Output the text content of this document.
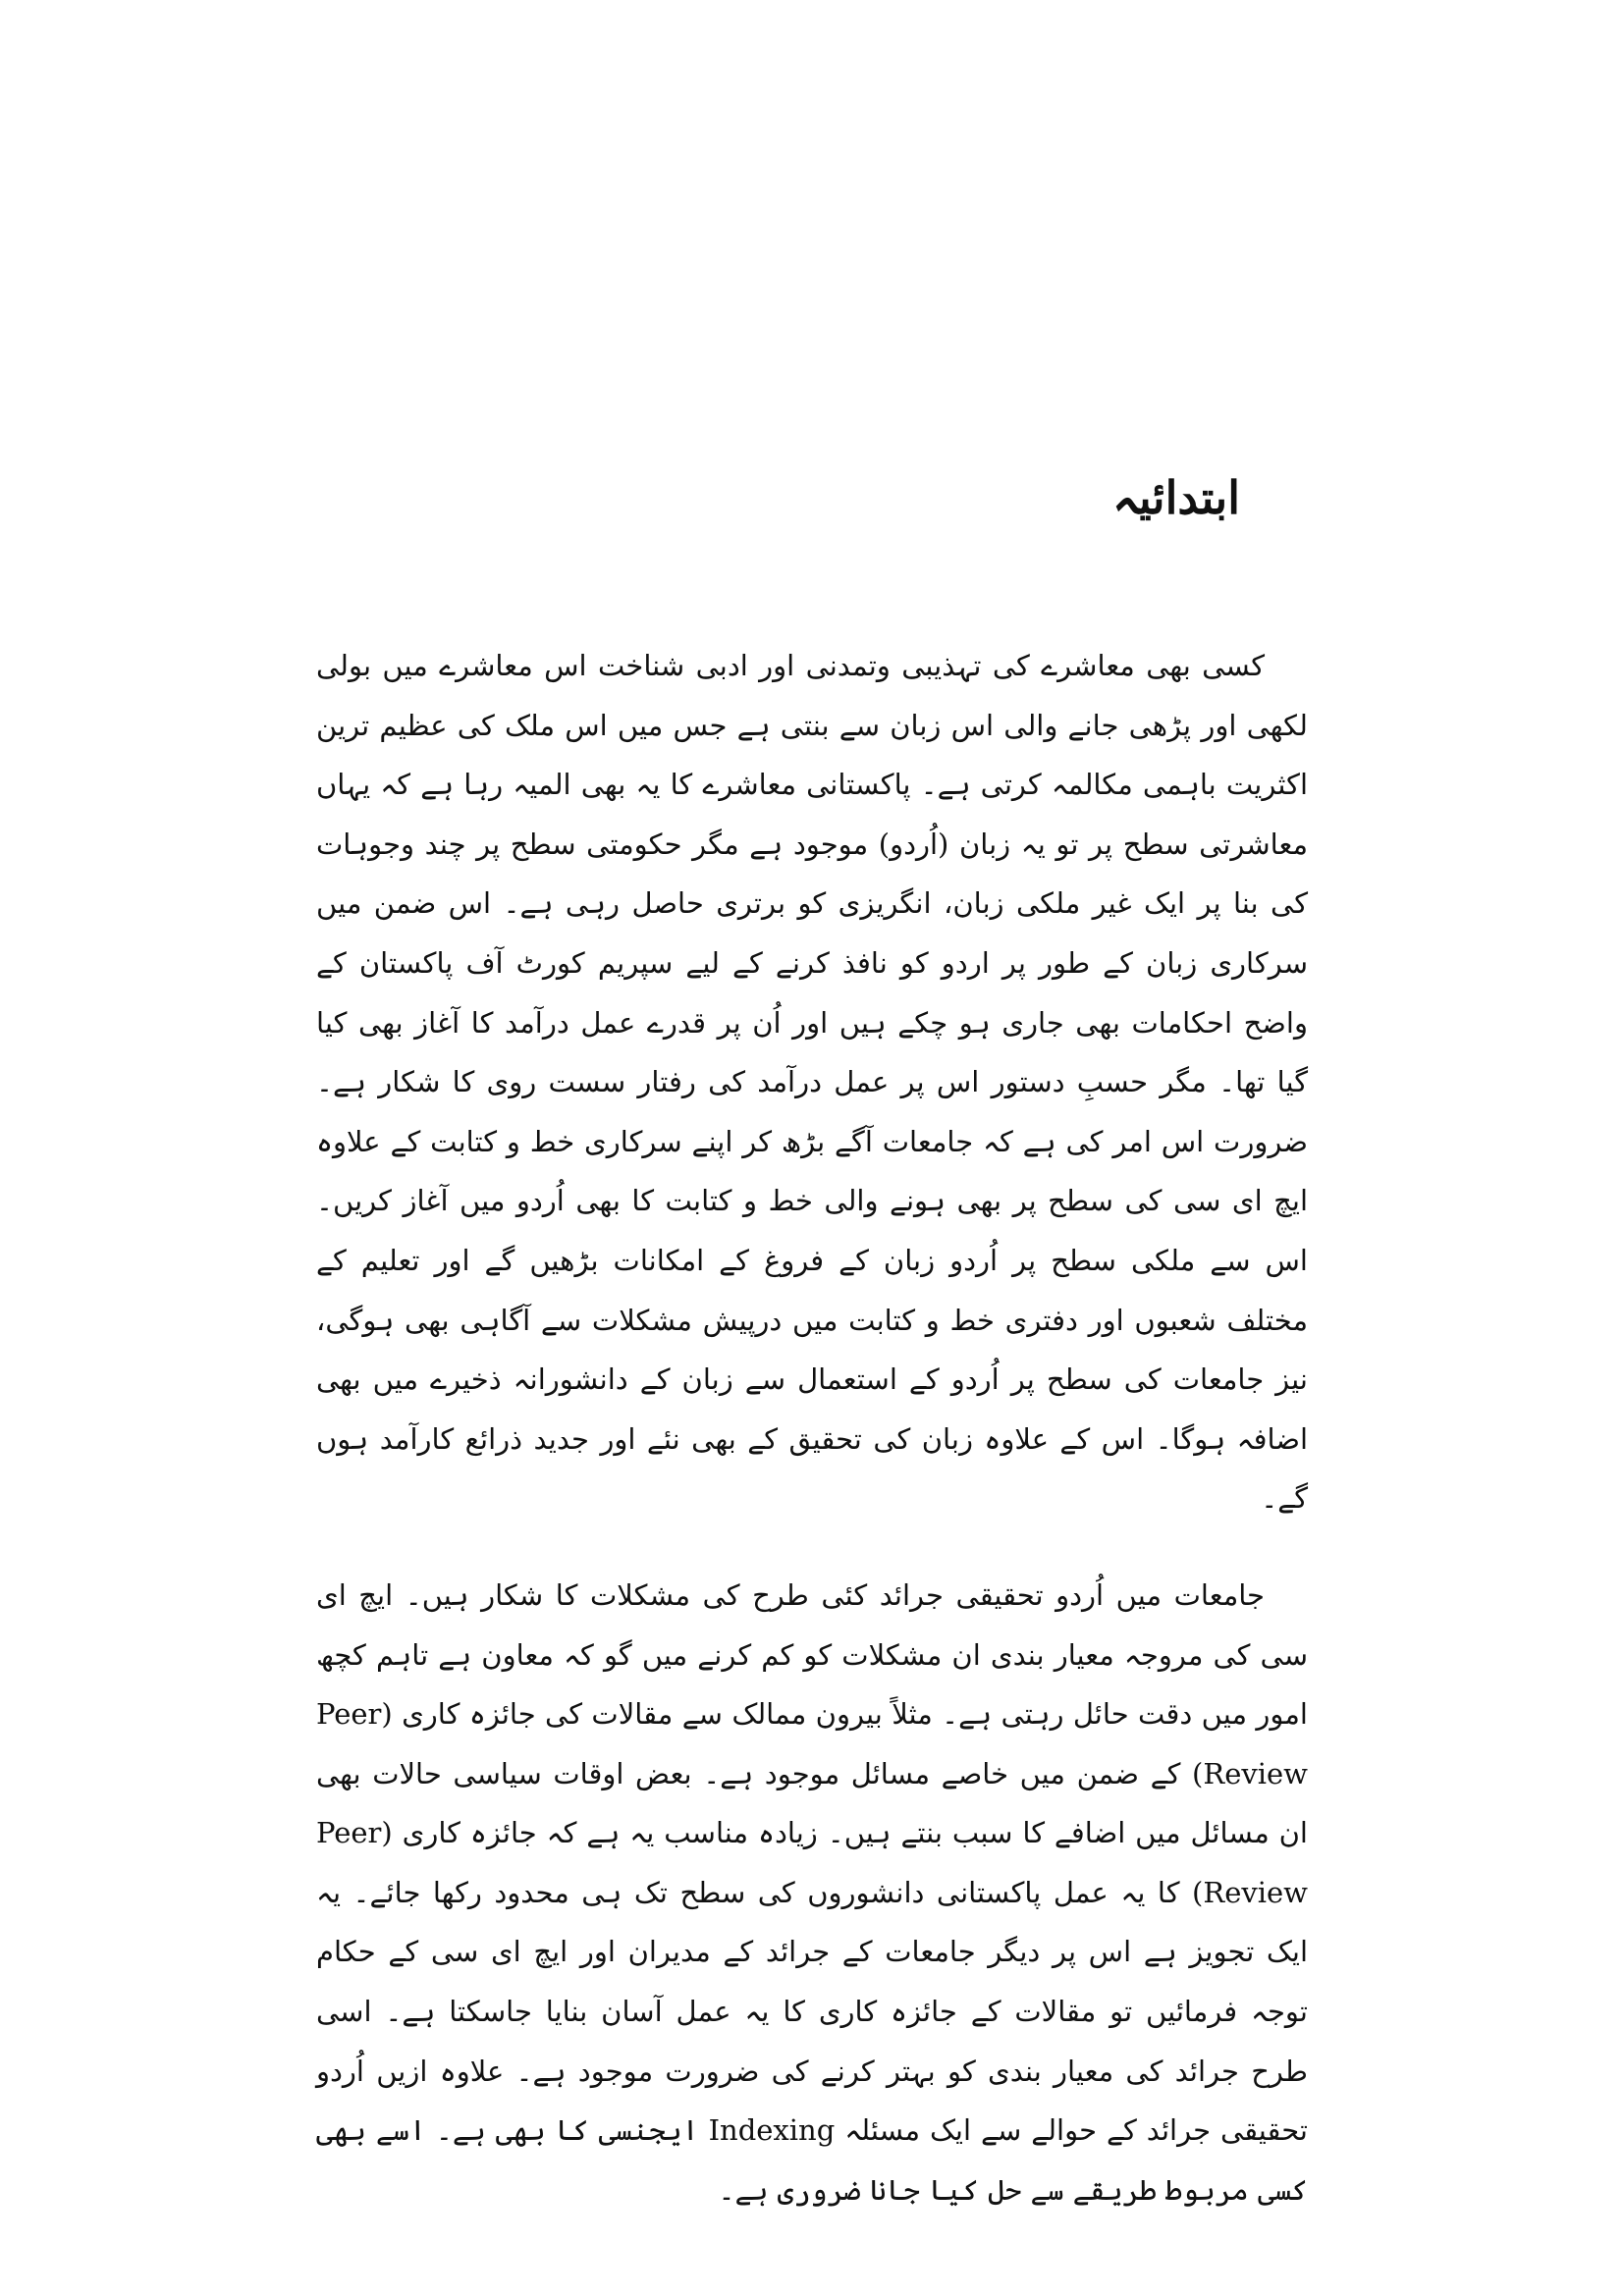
ابتدائیہ

کسی بھی معاشرے کی تہذیبی وتمدنی اور ادبی شناخت اس معاشرے میں بولی لکھی اور پڑھی جانے والی اس زبان سے بنتی ہے جس میں اس ملک کی عظیم ترین اکثریت باہمی مکالمہ کرتی ہے۔ پاکستانی معاشرے کا یہ بھی المیہ رہا ہے کہ یہاں معاشرتی سطح پر تو یہ زبان (اُردو) موجود ہے مگر حکومتی سطح پر چند وجوہات کی بنا پر ایک غیر ملکی زبان، انگریزی کو برتری حاصل رہی ہے۔ اس ضمن میں سرکاری زبان کے طور پر اردو کو نافذ کرنے کے لیے سپریم کورٹ آف پاکستان کے واضح احکامات بھی جاری ہو چکے ہیں اور اُن پر قدرے عمل درآمد کا آغاز بھی کیا گیا تھا۔ مگر حسبِ دستور اس پر عمل درآمد کی رفتار سست روی کا شکار ہے۔ ضرورت اس امر کی ہے کہ جامعات آگے بڑھ کر اپنے سرکاری خط و کتابت کے علاوہ ایچ ای سی کی سطح پر بھی ہونے والی خط و کتابت کا بھی اُردو میں آغاز کریں۔ اس سے ملکی سطح پر اُردو زبان کے فروغ کے امکانات بڑھیں گے اور تعلیم کے مختلف شعبوں اور دفتری خط و کتابت میں درپیش مشکلات سے آگاہی بھی ہوگی، نیز جامعات کی سطح پر اُردو کے استعمال سے زبان کے دانشورانہ ذخیرے میں بھی اضافہ ہوگا۔ اس کے علاوہ زبان کی تحقیق کے بھی نئے اور جدید ذرائع کارآمد ہوں گے۔

جامعات میں اُردو تحقیقی جرائد کئی طرح کی مشکلات کا شکار ہیں۔ ایچ ای سی کی مروجہ معیار بندی ان مشکلات کو کم کرنے میں گو کہ معاون ہے تاہم کچھ امور میں دقت حائل رہتی ہے۔ مثلاً بیرون ممالک سے مقالات کی جائزہ کاری (Peer Review) کے ضمن میں خاصے مسائل موجود ہے۔ بعض اوقات سیاسی حالات بھی ان مسائل میں اضافے کا سبب بنتے ہیں۔ زیادہ مناسب یہ ہے کہ جائزہ کاری (Peer Review) کا یہ عمل پاکستانی دانشوروں کی سطح تک ہی محدود رکھا جائے۔ یہ ایک تجویز ہے اس پر دیگر جامعات کے جرائد کے مدیران اور ایچ ای سی کے حکام توجہ فرمائیں تو مقالات کے جائزہ کاری کا یہ عمل آسان بنایا جاسکتا ہے۔ اسی طرح جرائد کی معیار بندی کو بہتر کرنے کی ضرورت موجود ہے۔ علاوہ ازیں اُردو تحقیقی جرائد کے حوالے سے ایک مسئلہ Indexing ایجنسی کا بھی ہے۔ اسے بھی کسی مربوط طریقے سے حل کیا جانا ضروری ہے۔
